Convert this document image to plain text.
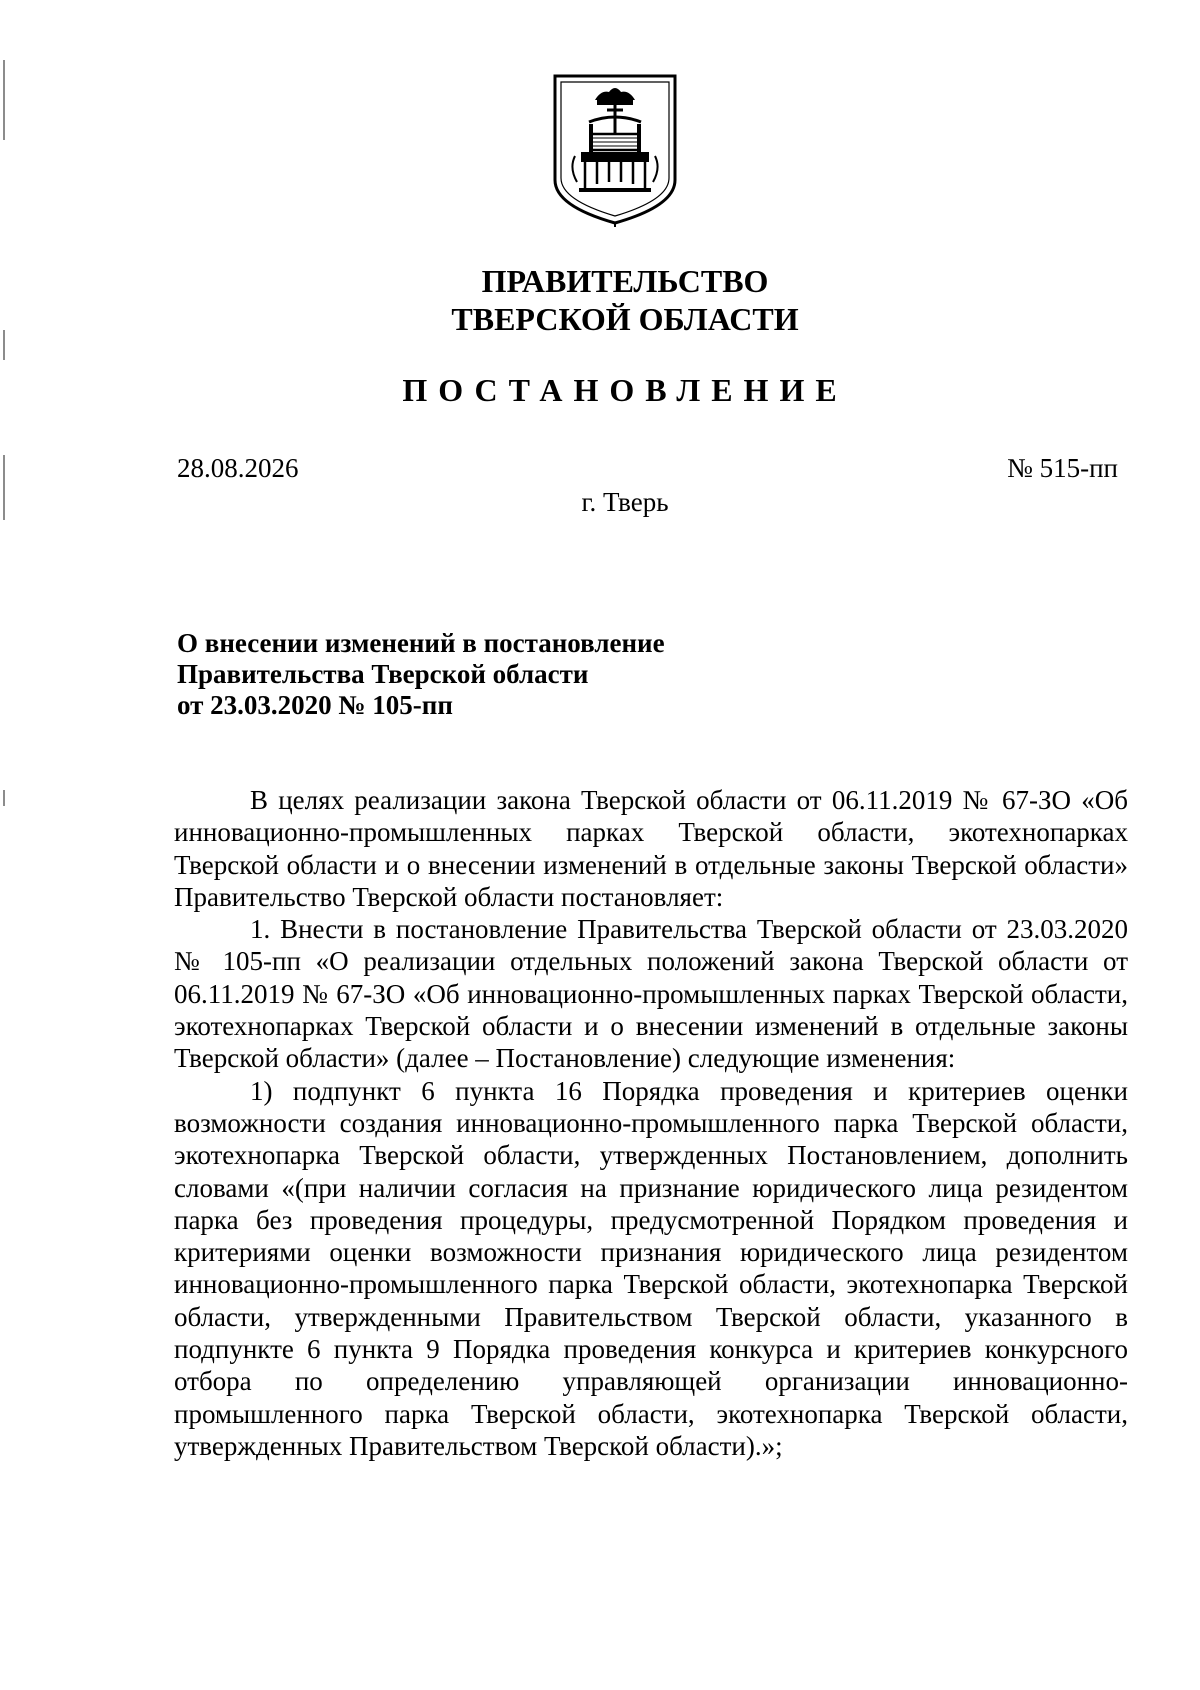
ПРАВИТЕЛЬСТВО
ТВЕРСКОЙ ОБЛАСТИ
ПОСТАНОВЛЕНИЕ
28.08.2026	№ 515-пп
г. Тверь
О внесении изменений в постановление
Правительства Тверской области
от 23.03.2020 № 105-пп

В целях реализации закона Тверской области от 06.11.2019 № 67-ЗО «Об инновационно-промышленных парках Тверской области, экотехнопарках Тверской области и о внесении изменений в отдельные законы Тверской области» Правительство Тверской области постановляет:

1. Внести в постановление Правительства Тверской области от 23.03.2020 № 105-пп «О реализации отдельных положений закона Тверской области от 06.11.2019 № 67-ЗО «Об инновационно-промышленных парках Тверской области, экотехнопарках Тверской области и о внесении изменений в отдельные законы Тверской области» (далее – Постановление) следующие изменения:

1) подпункт 6 пункта 16 Порядка проведения и критериев оценки возможности создания инновационно-промышленного парка Тверской области, экотехнопарка Тверской области, утвержденных Постановлением, дополнить словами «(при наличии согласия на признание юридического лица резидентом парка без проведения процедуры, предусмотренной Порядком проведения и критериями оценки возможности признания юридического лица резидентом инновационно-промышленного парка Тверской области, экотехнопарка Тверской области, утвержденными Правительством Тверской области, указанного в подпункте 6 пункта 9 Порядка проведения конкурса и критериев конкурсного отбора по определению управляющей организации инновационно-промышленного парка Тверской области, экотехнопарка Тверской области, утвержденных Правительством Тверской области).»;
